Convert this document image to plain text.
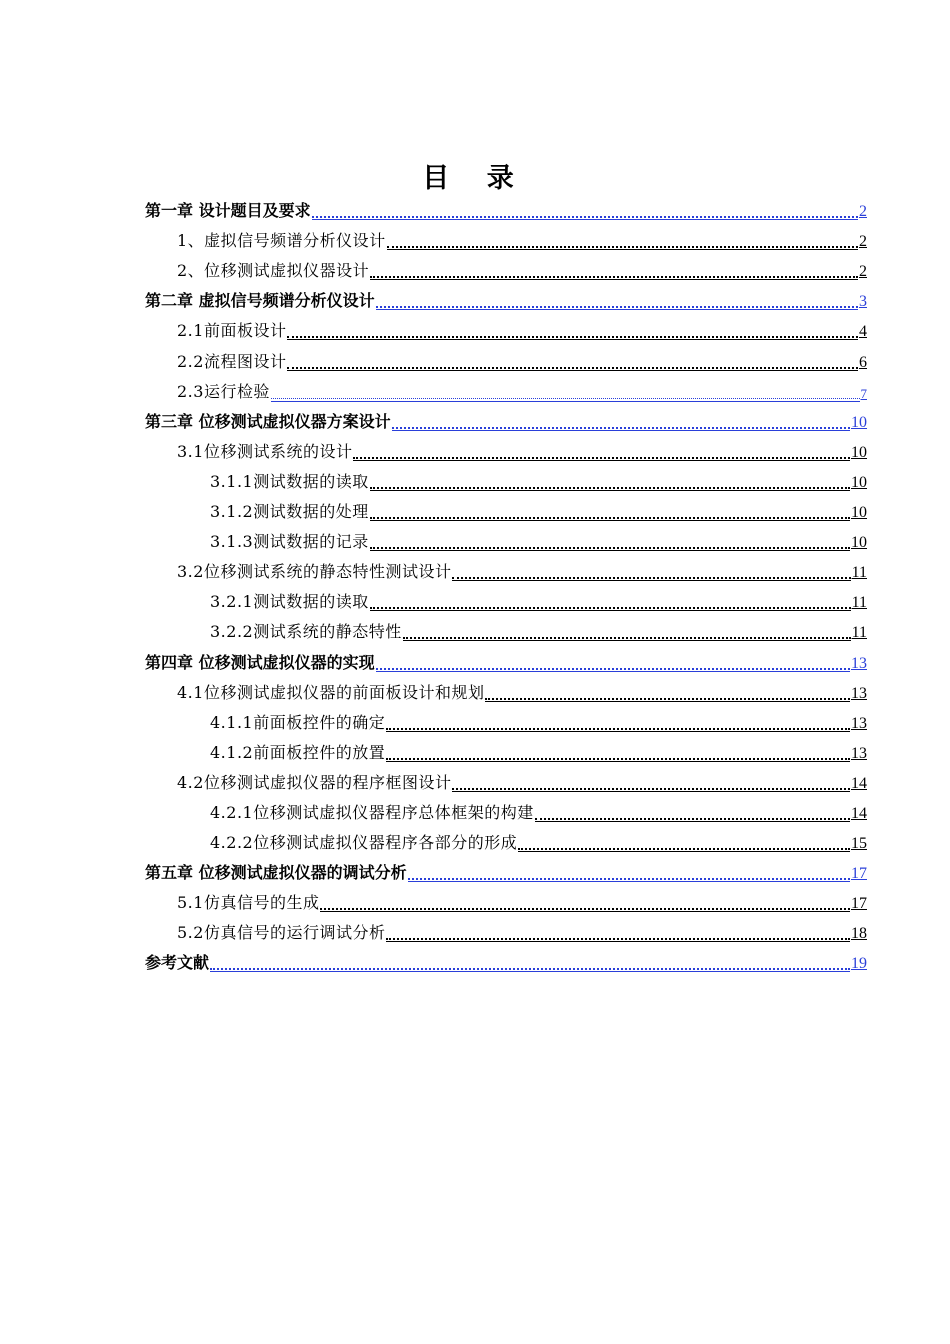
目 录
第一章 设计题目及要求	2
1、虚拟信号频谱分析仪设计	2
2、位移测试虚拟仪器设计	2
第二章 虚拟信号频谱分析仪设计	3
2.1前面板设计	4
2.2流程图设计	6
2.3运行检验	7
第三章 位移测试虚拟仪器方案设计	10
3.1位移测试系统的设计	10
3.1.1测试数据的读取	10
3.1.2测试数据的处理	10
3.1.3测试数据的记录	10
3.2位移测试系统的静态特性测试设计	11
3.2.1测试数据的读取	11
3.2.2测试系统的静态特性	11
第四章 位移测试虚拟仪器的实现	13
4.1位移测试虚拟仪器的前面板设计和规划	13
4.1.1前面板控件的确定	13
4.1.2前面板控件的放置	13
4.2位移测试虚拟仪器的程序框图设计	14
4.2.1位移测试虚拟仪器程序总体框架的构建	14
4.2.2位移测试虚拟仪器程序各部分的形成	15
第五章 位移测试虚拟仪器的调试分析	17
5.1仿真信号的生成	17
5.2仿真信号的运行调试分析	18
参考文献	19
